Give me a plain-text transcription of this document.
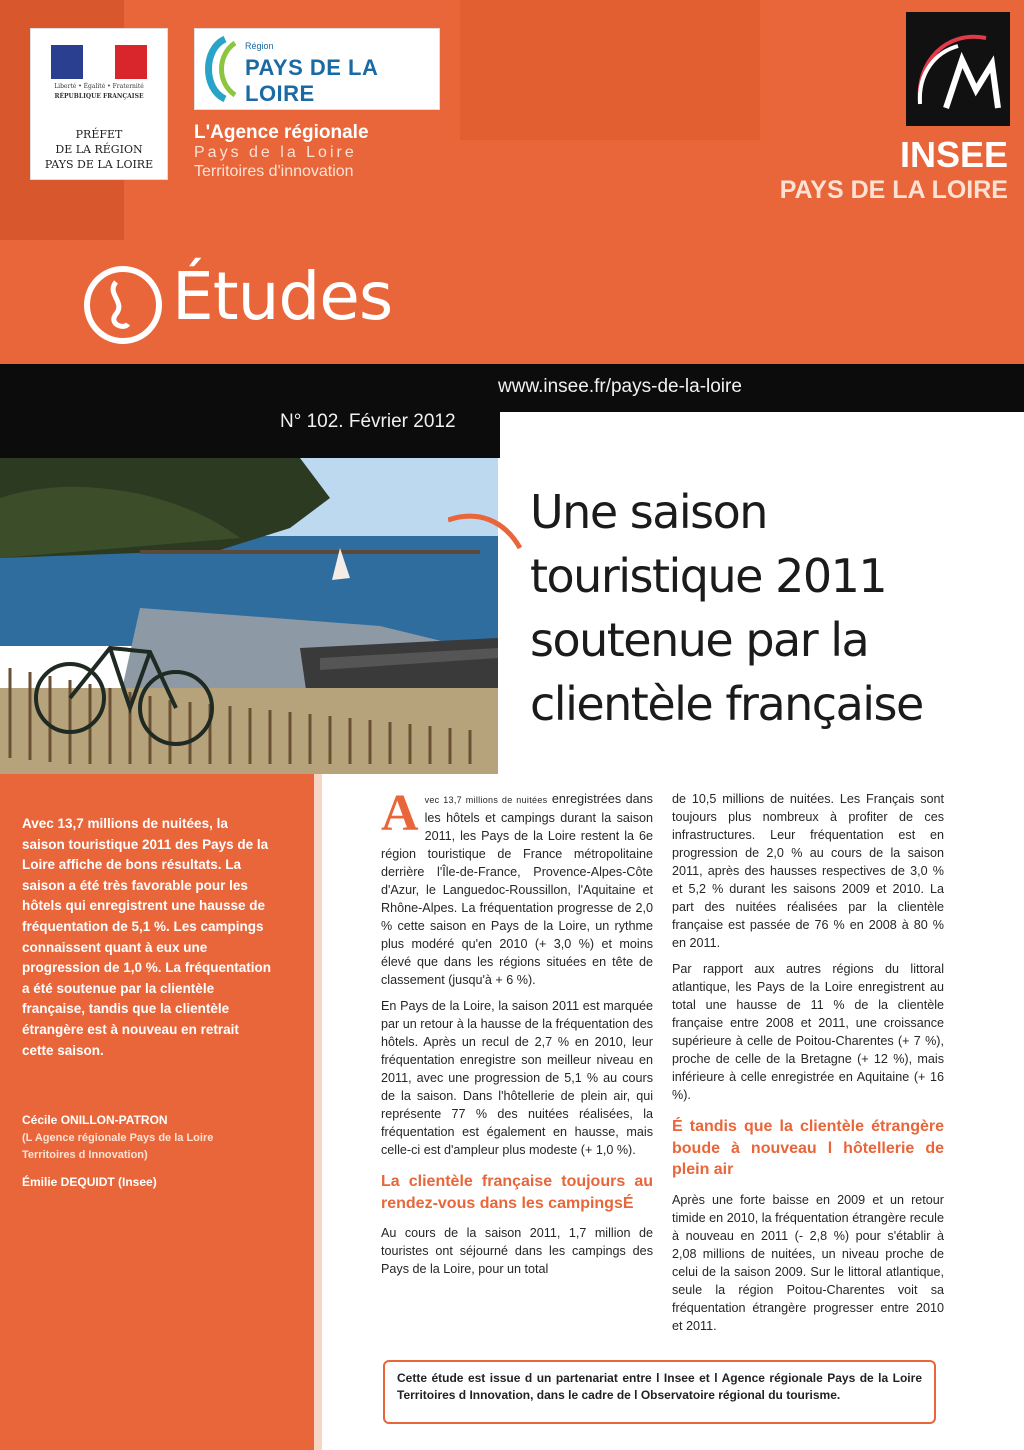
Liberté • Égalité • Fraternité
RÉPUBLIQUE FRANÇAISE
PRÉFET
DE LA RÉGION
PAYS DE LA LOIRE
Région
PAYS DE LA LOIRE
L'Agence régionale
Pays de la Loire
Territoires d'innovation	INSEE
PAYS DE LA LOIRE
Études
www.insee.fr/pays-de-la-loire
N° 102. Février 2012
Une saison
touristique 2011
soutenue par la
clientèle française
Avec 13,7 millions de nuitées, la saison touristique 2011 des Pays de la Loire affiche de bons résultats. La saison a été très favorable pour les hôtels qui enregistrent une hausse de fréquentation de 5,1 %. Les campings connaissent quant à eux une progression de 1,0 %. La fréquentation a été soutenue par la clientèle française, tandis que la clientèle étrangère est à nouveau en retrait cette saison.
Cécile ONILLON-PATRON
(L Agence régionale Pays de la Loire
Territoires d Innovation)
Émilie DEQUIDT (Insee)

Avec 13,7 millions de nuitées enregistrées dans les hôtels et campings durant la saison 2011, les Pays de la Loire restent la 6e région touristique de France métropolitaine derrière l'Île-de-France, Provence-Alpes-Côte d'Azur, le Languedoc-Roussillon, l'Aquitaine et Rhône-Alpes. La fréquentation progresse de 2,0 % cette saison en Pays de la Loire, un rythme plus modéré qu'en 2010 (+ 3,0 %) et moins élevé que dans les régions situées en tête de classement (jusqu'à + 6 %).

En Pays de la Loire, la saison 2011 est marquée par un retour à la hausse de la fréquentation des hôtels. Après un recul de 2,7 % en 2010, leur fréquentation enregistre son meilleur niveau en 2011, avec une progression de 5,1 % au cours de la saison. Dans l'hôtellerie de plein air, qui représente 77 % des nuitées réalisées, la fréquentation est également en hausse, mais celle-ci est d'ampleur plus modeste (+ 1,0 %).

La clientèle française toujours au rendez-vous dans les campingsÉ

Au cours de la saison 2011, 1,7 million de touristes ont séjourné dans les campings des Pays de la Loire, pour un total

de 10,5 millions de nuitées. Les Français sont toujours plus nombreux à profiter de ces infrastructures. Leur fréquentation est en progression de 2,0 % au cours de la saison 2011, après des hausses respectives de 3,0 % et 5,2 % durant les saisons 2009 et 2010. La part des nuitées réalisées par la clientèle française est passée de 76 % en 2008 à 80 % en 2011.

Par rapport aux autres régions du littoral atlantique, les Pays de la Loire enregistrent au total une hausse de 11 % de la clientèle française entre 2008 et 2011, une croissance supérieure à celle de Poitou-Charentes (+ 7 %), proche de celle de la Bretagne (+ 12 %), mais inférieure à celle enregistrée en Aquitaine (+ 16 %).

É tandis que la clientèle étrangère boude à nouveau l hôtellerie de plein air

Après une forte baisse en 2009 et un retour timide en 2010, la fréquentation étrangère recule à nouveau en 2011 (- 2,8 %) pour s'établir à 2,08 millions de nuitées, un niveau proche de celui de la saison 2009. Sur le littoral atlantique, seule la région Poitou-Charentes voit sa fréquentation étrangère progresser entre 2010 et 2011.

Cette étude est issue d un partenariat entre l Insee et l Agence régionale Pays de la Loire Territoires d Innovation, dans le cadre de l Observatoire régional du tourisme.
